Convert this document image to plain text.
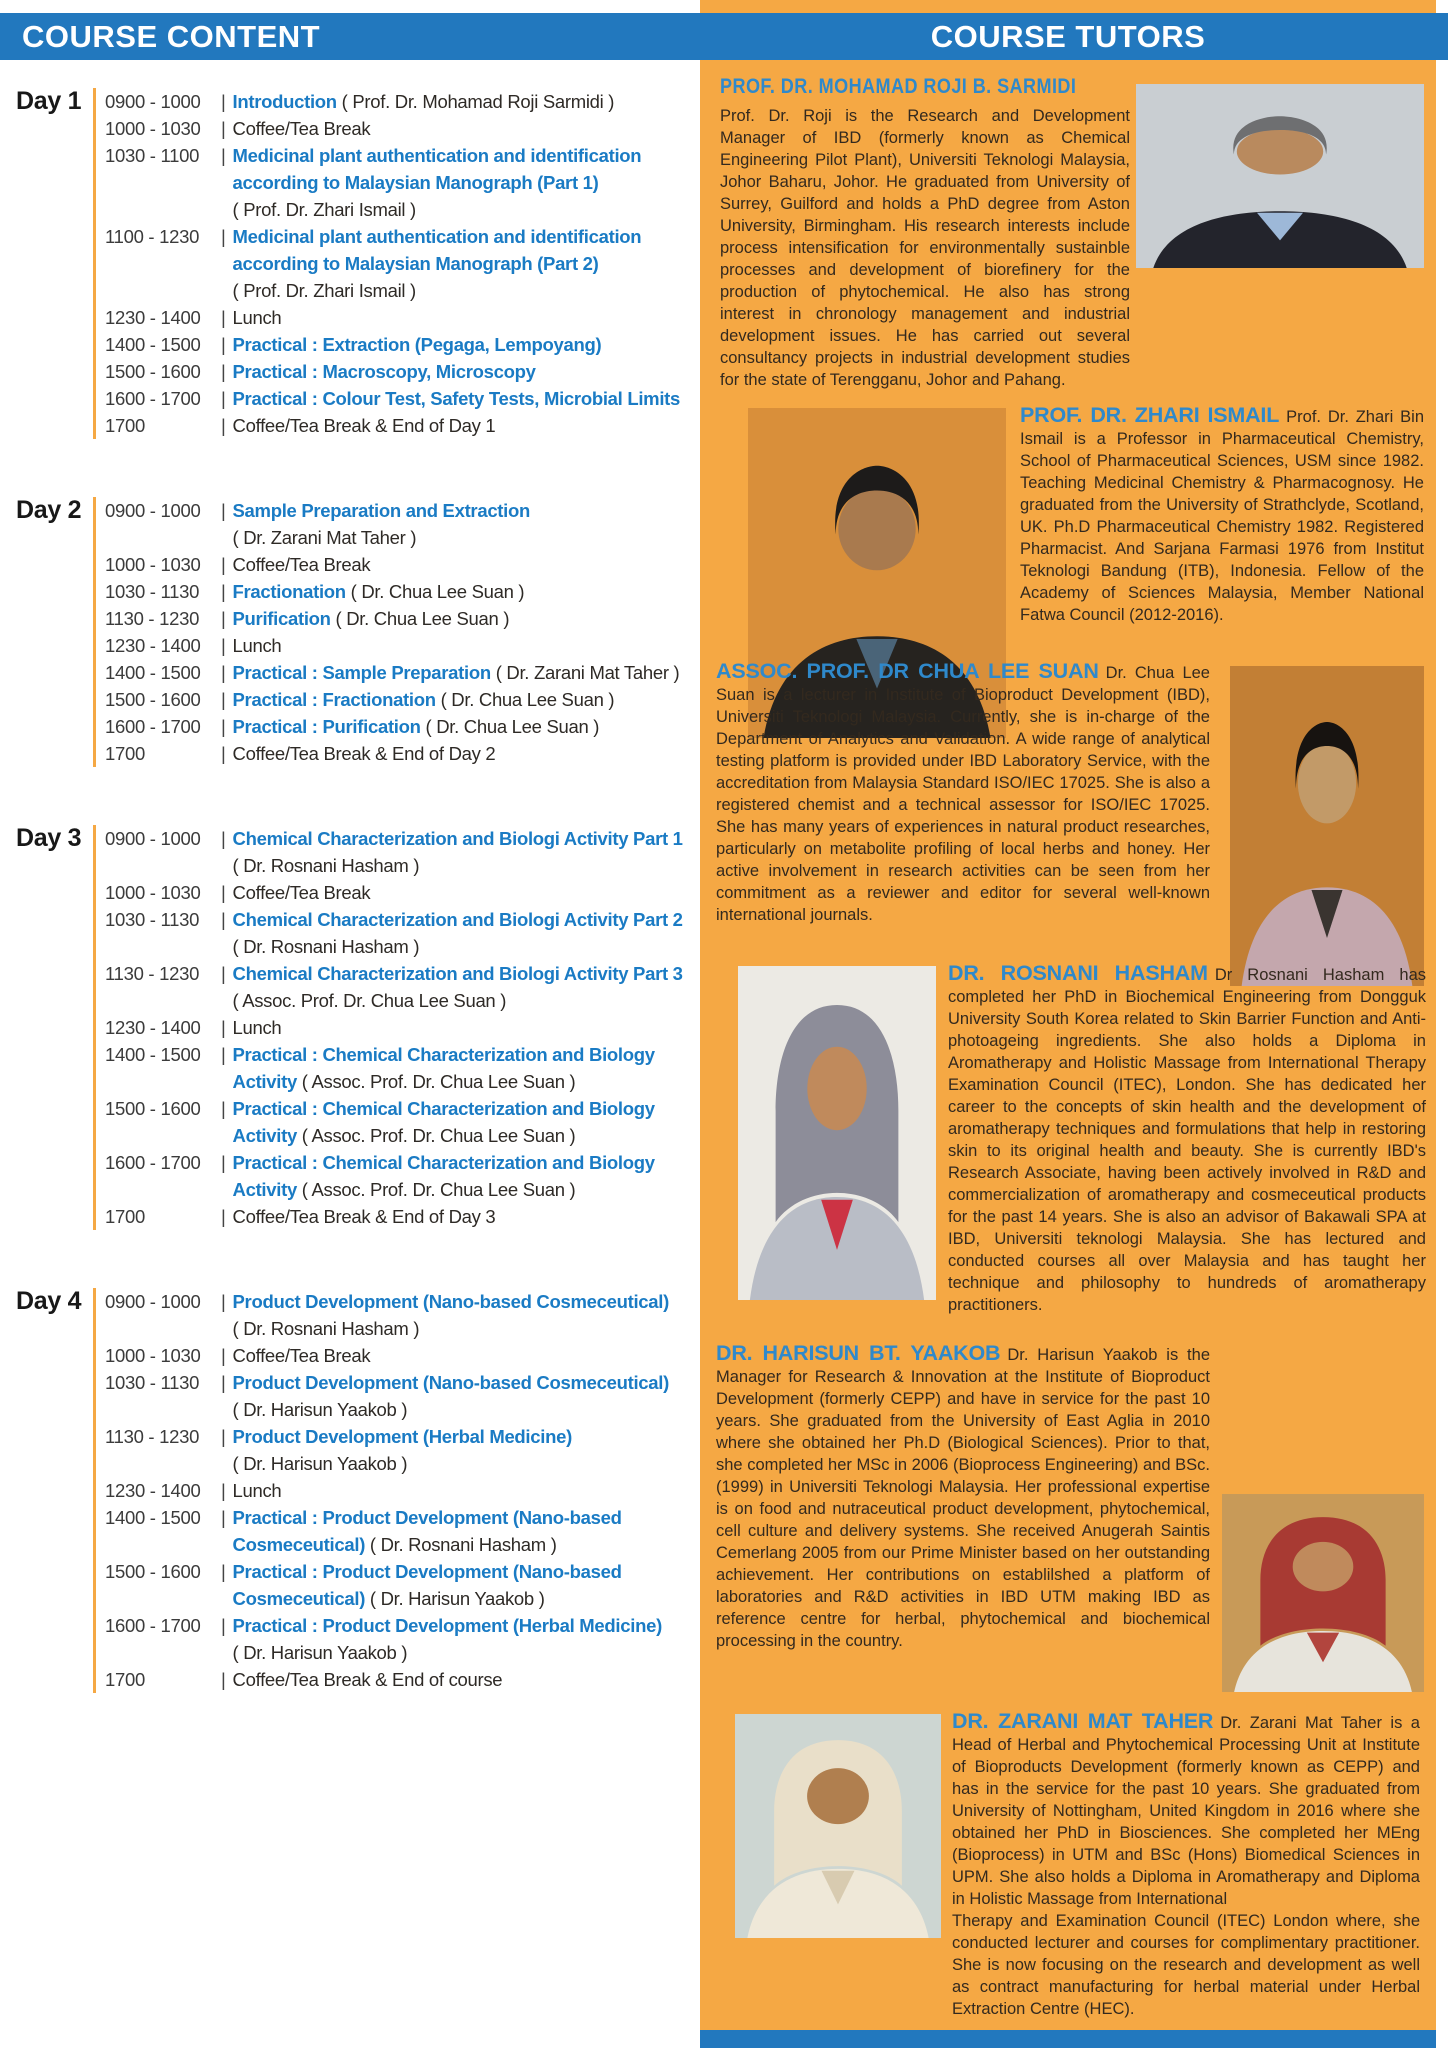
COURSE CONTENT	COURSE TUTORS
Day 1	0900 - 1000	| Introduction ( Prof. Dr. Mohamad Roji Sarmidi )
1000 - 1030	| Coffee/Tea Break
1030 - 1100	| Medicinal plant authentication and identification
according to Malaysian Manograph (Part 1)
( Prof. Dr. Zhari Ismail )
1100 - 1230	| Medicinal plant authentication and identification
according to Malaysian Manograph (Part 2)
( Prof. Dr. Zhari Ismail )
1230 - 1400	| Lunch
1400 - 1500	| Practical : Extraction (Pegaga, Lempoyang)
1500 - 1600	| Practical : Macroscopy, Microscopy
1600 - 1700	| Practical : Colour Test, Safety Tests, Microbial Limits
1700	| Coffee/Tea Break & End of Day 1
Day 2	0900 - 1000	| Sample Preparation and Extraction
( Dr. Zarani Mat Taher )
1000 - 1030	| Coffee/Tea Break
1030 - 1130	| Fractionation ( Dr. Chua Lee Suan )
1130 - 1230	| Purification ( Dr. Chua Lee Suan )
1230 - 1400	| Lunch
1400 - 1500	| Practical : Sample Preparation ( Dr. Zarani Mat Taher )
1500 - 1600	| Practical : Fractionation ( Dr. Chua Lee Suan )
1600 - 1700	| Practical : Purification ( Dr. Chua Lee Suan )
1700	| Coffee/Tea Break & End of Day 2
Day 3	0900 - 1000	| Chemical Characterization and Biologi Activity Part 1
( Dr. Rosnani Hasham )
1000 - 1030	| Coffee/Tea Break
1030 - 1130	| Chemical Characterization and Biologi Activity Part 2
( Dr. Rosnani Hasham )
1130 - 1230	| Chemical Characterization and Biologi Activity Part 3
( Assoc. Prof. Dr. Chua Lee Suan )
1230 - 1400	| Lunch
1400 - 1500	| Practical : Chemical Characterization and Biology
Activity ( Assoc. Prof. Dr. Chua Lee Suan )
1500 - 1600	| Practical : Chemical Characterization and Biology
Activity ( Assoc. Prof. Dr. Chua Lee Suan )
1600 - 1700	| Practical : Chemical Characterization and Biology
Activity ( Assoc. Prof. Dr. Chua Lee Suan )
1700	| Coffee/Tea Break & End of Day 3
Day 4	0900 - 1000	| Product Development (Nano-based Cosmeceutical)
( Dr. Rosnani Hasham )
1000 - 1030	| Coffee/Tea Break
1030 - 1130	| Product Development (Nano-based Cosmeceutical)
( Dr. Harisun Yaakob )
1130 - 1230	| Product Development (Herbal Medicine)
( Dr. Harisun Yaakob )
1230 - 1400	| Lunch
1400 - 1500	| Practical : Product Development (Nano-based
Cosmeceutical) ( Dr. Rosnani Hasham )
1500 - 1600	| Practical : Product Development (Nano-based
Cosmeceutical) ( Dr. Harisun Yaakob )
1600 - 1700	| Practical : Product Development (Herbal Medicine)
( Dr. Harisun Yaakob )
1700	| Coffee/Tea Break & End of course
PROF. DR. MOHAMAD ROJI B. SARMIDI
Prof. Dr. Roji is the Research and Development Manager of IBD (formerly known as Chemical Engineering Pilot Plant), Universiti Teknologi Malaysia, Johor Baharu, Johor. He graduated from University of Surrey, Guilford and holds a PhD degree from Aston University, Birmingham. His research interests include process intensification for environmentally sustainble processes and development of biorefinery for the production of phytochemical. He also has strong interest in chronology management and industrial development issues. He has carried out several consultancy projects in industrial development studies for the state of Terengganu, Johor and Pahang.
PROF. DR. ZHARI ISMAIL Prof. Dr. Zhari Bin Ismail is a Professor in Pharmaceutical Chemistry, School of Pharmaceutical Sciences, USM since 1982. Teaching Medicinal Chemistry & Pharmacognosy. He graduated from the University of Strathclyde, Scotland, UK. Ph.D Pharmaceutical Chemistry 1982. Registered Pharmacist. And Sarjana Farmasi 1976 from Institut Teknologi Bandung (ITB), Indonesia. Fellow of the Academy of Sciences Malaysia, Member National Fatwa Council (2012-2016).
ASSOC. PROF. DR CHUA LEE SUAN Dr. Chua Lee Suan is a lecturer in Institute of Bioproduct Development (IBD), Universiti Teknologi Malaysia. Currently, she is in-charge of the Department of Analytics and Validation. A wide range of analytical testing platform is provided under IBD Laboratory Service, with the accreditation from Malaysia Standard ISO/IEC 17025. She is also a registered chemist and a technical assessor for ISO/IEC 17025. She has many years of experiences in natural product researches, particularly on metabolite profiling of local herbs and honey. Her active involvement in research activities can be seen from her commitment as a reviewer and editor for several well-known international journals.
DR. ROSNANI HASHAM Dr Rosnani Hasham has completed her PhD in Biochemical Engineering from Dongguk University South Korea related to Skin Barrier Function and Anti-photoageing ingredients. She also holds a Diploma in Aromatherapy and Holistic Massage from International Therapy Examination Council (ITEC), London. She has dedicated her career to the concepts of skin health and the development of aromatherapy techniques and formulations that help in restoring skin to its original health and beauty. She is currently IBD's Research Associate, having been actively involved in R&D and commercialization of aromatherapy and cosmeceutical products for the past 14 years. She is also an advisor of Bakawali SPA at IBD, Universiti teknologi Malaysia. She has lectured and conducted courses all over Malaysia and has taught her technique and philosophy to hundreds of aromatherapy practitioners.
DR. HARISUN BT. YAAKOB Dr. Harisun Yaakob is the Manager for Research & Innovation at the Institute of Bioproduct Development (formerly CEPP) and have in service for the past 10 years. She graduated from the University of East Aglia in 2010 where she obtained her Ph.D (Biological Sciences). Prior to that, she completed her MSc in 2006 (Bioprocess Engineering) and BSc. (1999) in Universiti Teknologi Malaysia. Her professional expertise is on food and nutraceutical product development, phytochemical, cell culture and delivery systems. She received Anugerah Saintis Cemerlang 2005 from our Prime Minister based on her outstanding achievement. Her contributions on establilshed a platform of laboratories and R&D activities in IBD UTM making IBD as reference centre for herbal, phytochemical and biochemical processing in the country.
DR. ZARANI MAT TAHER Dr. Zarani Mat Taher is a Head of Herbal and Phytochemical Processing Unit at Institute of Bioproducts Development (formerly known as CEPP) and has in the service for the past 10 years. She graduated from University of Nottingham, United Kingdom in 2016 where she obtained her PhD in Biosciences. She completed her MEng (Bioprocess) in UTM and BSc (Hons) Biomedical Sciences in UPM. She also holds a Diploma in Aromatherapy and Diploma in Holistic Massage from International
Therapy and Examination Council (ITEC) London where, she conducted lecturer and courses for complimentary practitioner. She is now focusing on the research and development as well as contract manufacturing for herbal material under Herbal Extraction Centre (HEC).
